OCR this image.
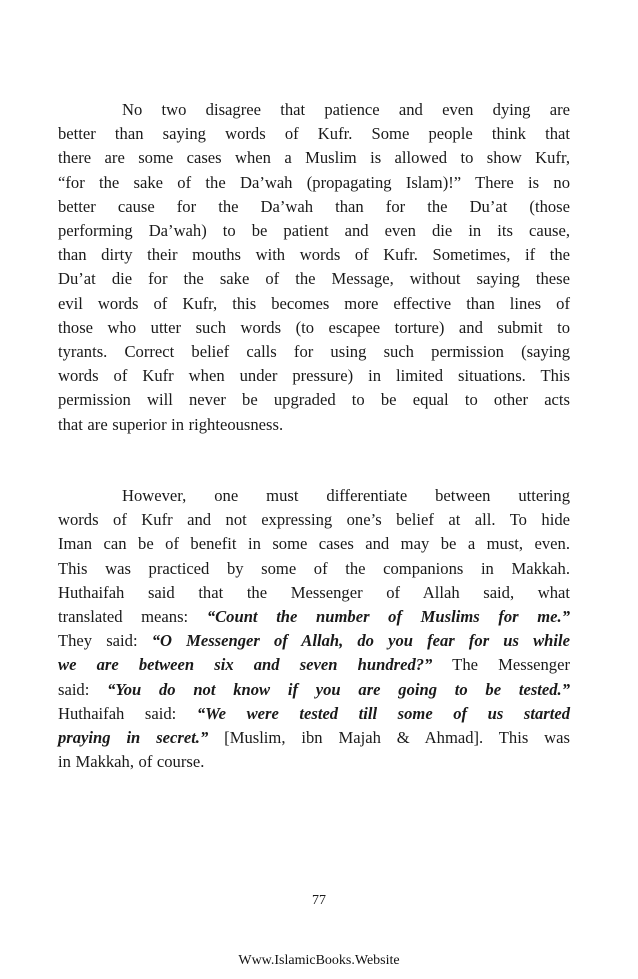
No two disagree that patience and even dying are
better than saying words of Kufr. Some people think that
there are some cases when a Muslim is allowed to show Kufr,
“for the sake of the Da’wah (propagating Islam)!” There is no
better cause for the Da’wah than for the Du’at (those
performing Da’wah) to be patient and even die in its cause,
than dirty their mouths with words of Kufr. Sometimes, if the
Du’at die for the sake of the Message, without saying these
evil words of Kufr, this becomes more effective than lines of
those who utter such words (to escapee torture) and submit to
tyrants. Correct belief calls for using such permission (saying
words of Kufr when under pressure) in limited situations. This
permission will never be upgraded to be equal to other acts
that are superior in righteousness.
However, one must differentiate between uttering
words of Kufr and not expressing one’s belief at all. To hide
Iman can be of benefit in some cases and may be a must, even.
This was practiced by some of the companions in Makkah.
Huthaifah said that the Messenger of Allah said, what
translated means: “Count the number of Muslims for me.”
They said: “O Messenger of Allah, do you fear for us while
we are between six and seven hundred?” The Messenger
said: “You do not know if you are going to be tested.”
Huthaifah said: “We were tested till some of us started
praying in secret.” [Muslim, ibn Majah & Ahmad]. This was
in Makkah, of course.
77
Www.IslamicBooks.Website
